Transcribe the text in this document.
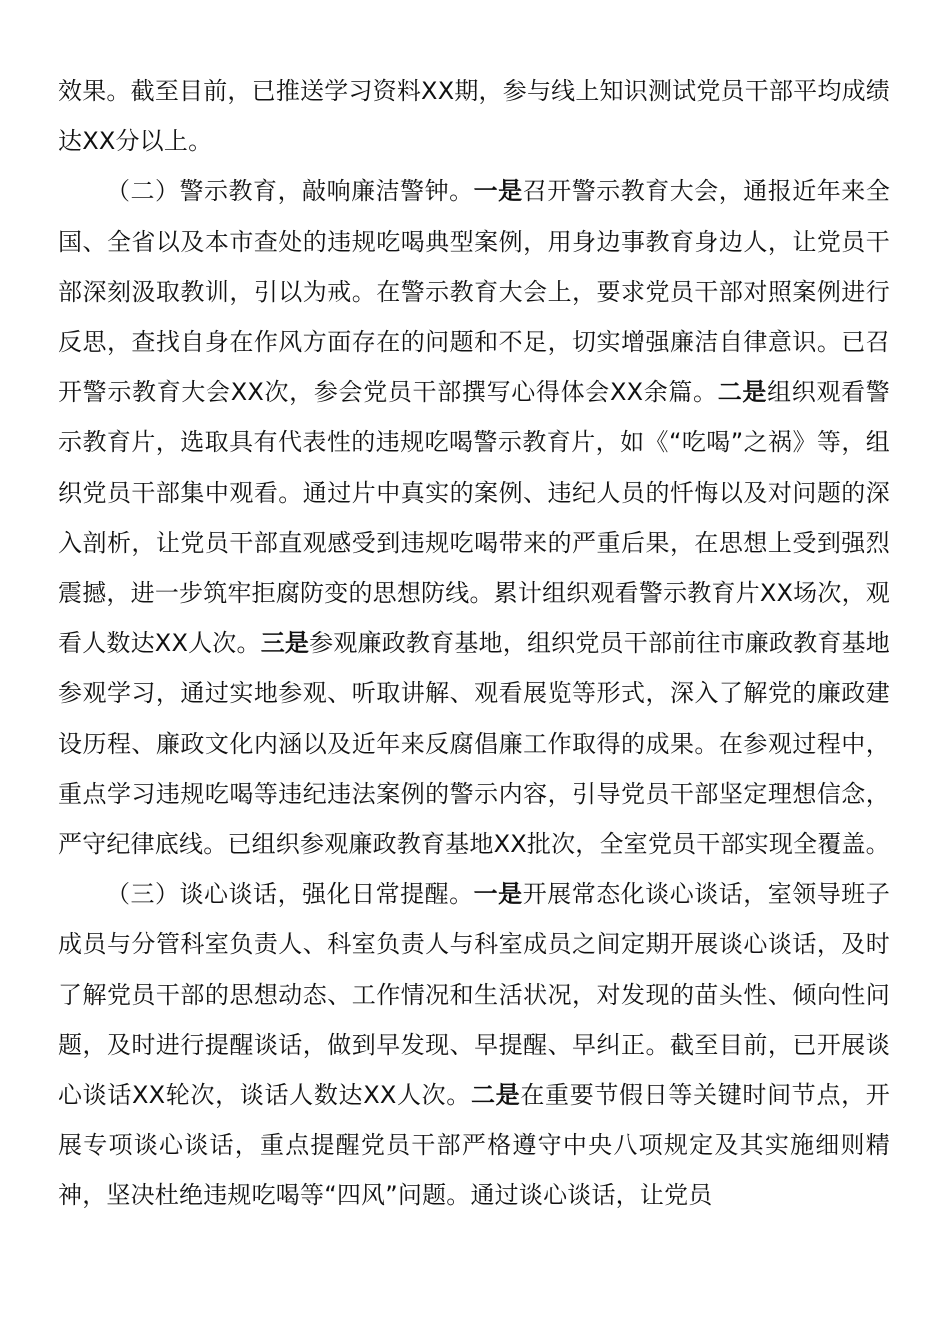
效果。截至目前，已推送学习资料XX期，参与线上知识测试党员干部平均成绩达XX分以上。

（二）警示教育，敲响廉洁警钟。一是召开警示教育大会，通报近年来全国、全省以及本市查处的违规吃喝典型案例，用身边事教育身边人，让党员干部深刻汲取教训，引以为戒。在警示教育大会上，要求党员干部对照案例进行反思，查找自身在作风方面存在的问题和不足，切实增强廉洁自律意识。已召开警示教育大会XX次，参会党员干部撰写心得体会XX余篇。二是组织观看警示教育片，选取具有代表性的违规吃喝警示教育片，如《“吃喝”之祸》等，组织党员干部集中观看。通过片中真实的案例、违纪人员的忏悔以及对问题的深入剖析，让党员干部直观感受到违规吃喝带来的严重后果，在思想上受到强烈震撼，进一步筑牢拒腐防变的思想防线。累计组织观看警示教育片XX场次，观看人数达XX人次。三是参观廉政教育基地，组织党员干部前往市廉政教育基地参观学习，通过实地参观、听取讲解、观看展览等形式，深入了解党的廉政建设历程、廉政文化内涵以及近年来反腐倡廉工作取得的成果。在参观过程中，重点学习违规吃喝等违纪违法案例的警示内容，引导党员干部坚定理想信念，严守纪律底线。已组织参观廉政教育基地XX批次，全室党员干部实现全覆盖。

（三）谈心谈话，强化日常提醒。一是开展常态化谈心谈话，室领导班子成员与分管科室负责人、科室负责人与科室成员之间定期开展谈心谈话，及时了解党员干部的思想动态、工作情况和生活状况，对发现的苗头性、倾向性问题，及时进行提醒谈话，做到早发现、早提醒、早纠正。截至目前，已开展谈心谈话XX轮次，谈话人数达XX人次。二是在重要节假日等关键时间节点，开展专项谈心谈话，重点提醒党员干部严格遵守中央八项规定及其实施细则精神，坚决杜绝违规吃喝等“四风”问题。通过谈心谈话，让党员
